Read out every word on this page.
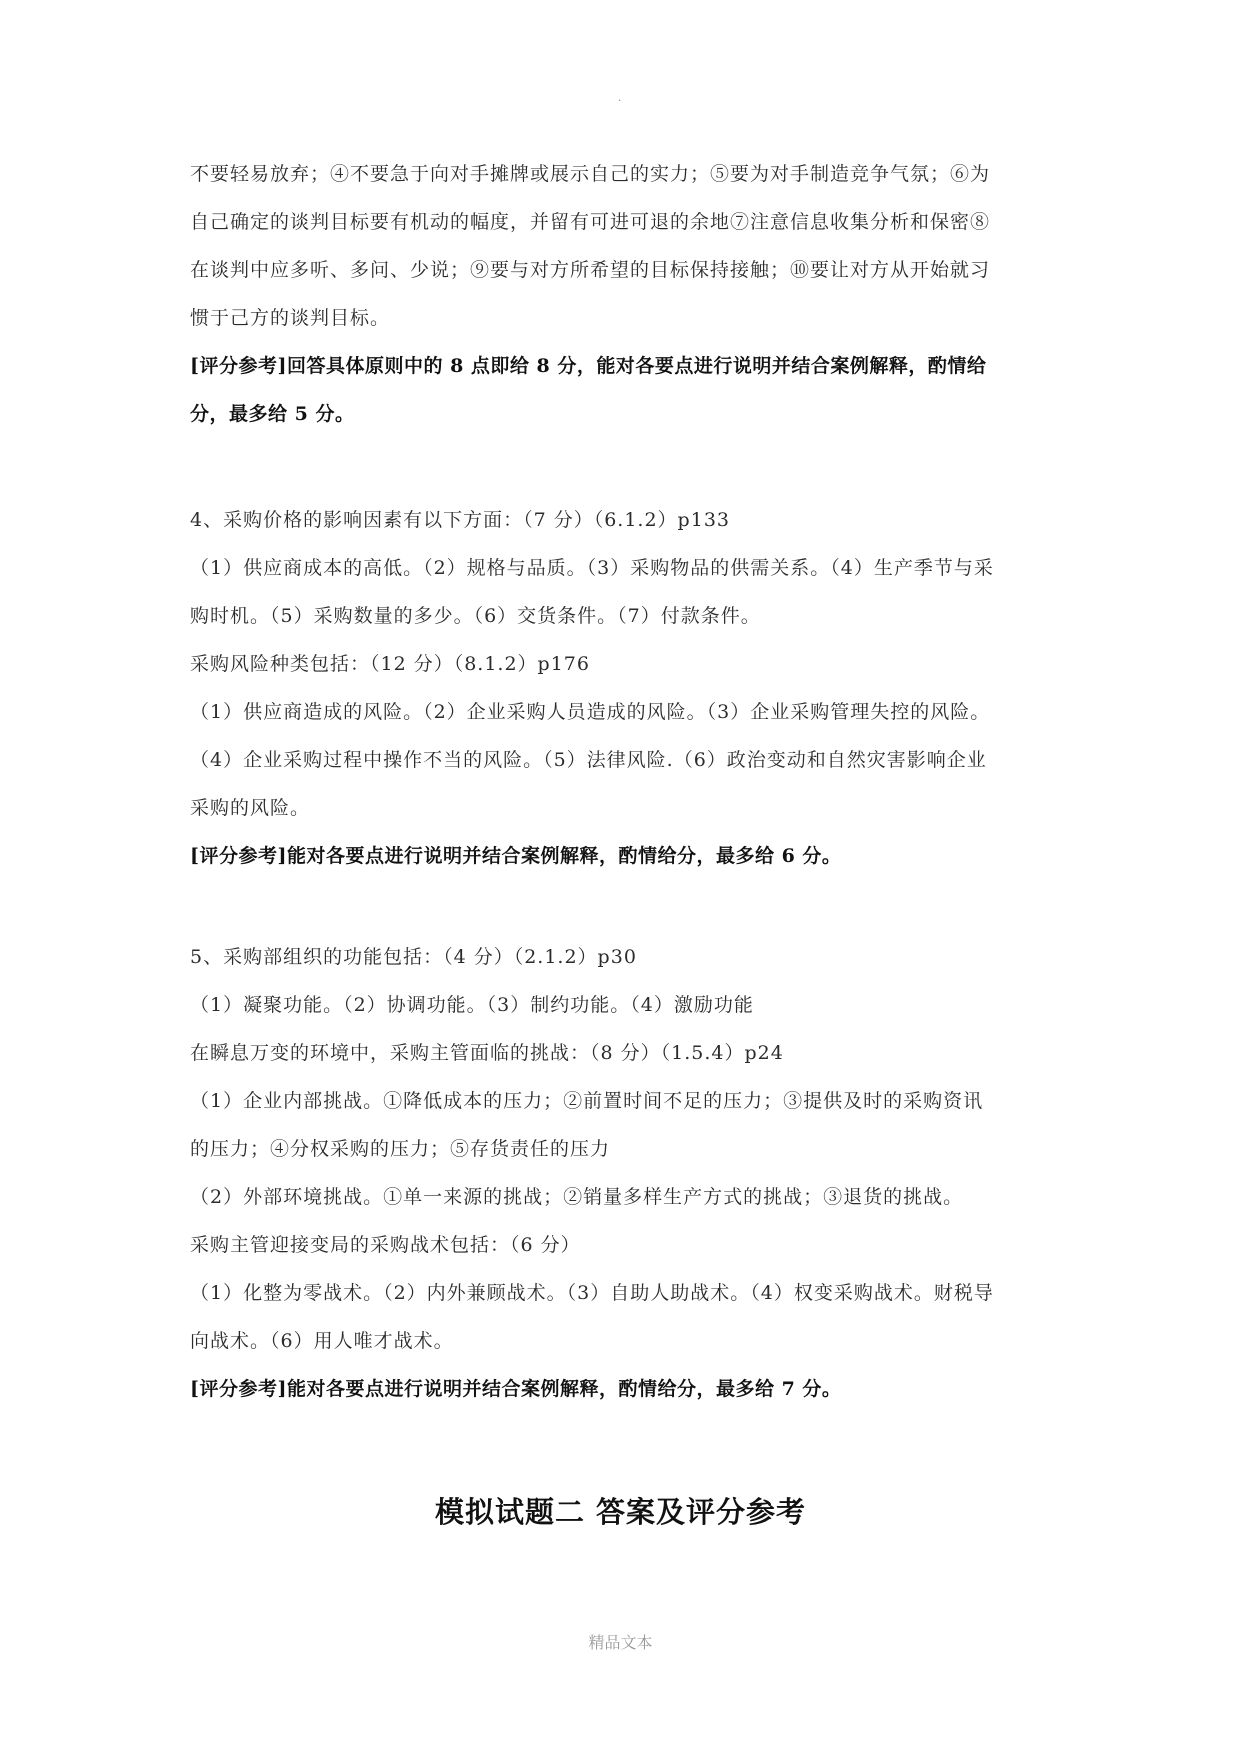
·
不要轻易放弃；④不要急于向对手摊牌或展示自己的实力；⑤要为对手制造竞争气氛；⑥为
自己确定的谈判目标要有机动的幅度，并留有可进可退的余地⑦注意信息收集分析和保密⑧
在谈判中应多听、多问、少说；⑨要与对方所希望的目标保持接触；⑩要让对方从开始就习
惯于己方的谈判目标。
[评分参考]回答具体原则中的 8 点即给 8 分，能对各要点进行说明并结合案例解释，酌情给
分，最多给 5 分。
4、采购价格的影响因素有以下方面：（7 分）（6.1.2）p133
（1）供应商成本的高低。（2）规格与品质。（3）采购物品的供需关系。（4）生产季节与采
购时机。（5）采购数量的多少。（6）交货条件。（7）付款条件。
采购风险种类包括：（12 分）（8.1.2）p176
（1）供应商造成的风险。（2）企业采购人员造成的风险。（3）企业采购管理失控的风险。
（4）企业采购过程中操作不当的风险。（5）法律风险.（6）政治变动和自然灾害影响企业
采购的风险。
[评分参考]能对各要点进行说明并结合案例解释，酌情给分，最多给 6 分。
5、采购部组织的功能包括：（4 分）（2.1.2）p30
（1）凝聚功能。（2）协调功能。（3）制约功能。（4）激励功能
在瞬息万变的环境中，采购主管面临的挑战：（8 分）（1.5.4）p24
（1）企业内部挑战。①降低成本的压力；②前置时间不足的压力；③提供及时的采购资讯
的压力；④分权采购的压力；⑤存货责任的压力
（2）外部环境挑战。①单一来源的挑战；②销量多样生产方式的挑战；③退货的挑战。
采购主管迎接变局的采购战术包括：（6 分）
（1）化整为零战术。（2）内外兼顾战术。（3）自助人助战术。（4）权变采购战术。财税导
向战术。（6）用人唯才战术。
[评分参考]能对各要点进行说明并结合案例解释，酌情给分，最多给 7 分。
模拟试题二 答案及评分参考
精品文本
